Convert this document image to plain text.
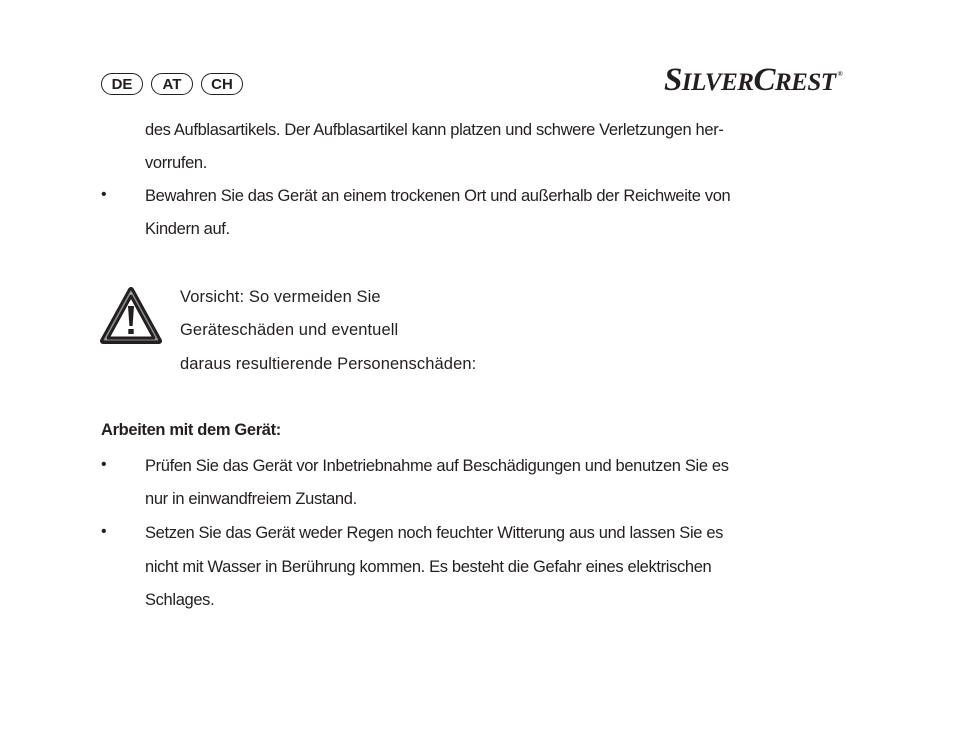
DE	AT	CH	SILVERCREST ®
des Aufblasartikels. Der Aufblasartikel kann platzen und schwere Verletzungen her-
vorrufen.
• Bewahren Sie das Gerät an einem trockenen Ort und außerhalb der Reichweite von
Kindern auf.
Vorsicht: So vermeiden Sie
Geräteschäden und eventuell
daraus resultierende Personenschäden:
Arbeiten mit dem Gerät:
• Prüfen Sie das Gerät vor Inbetriebnahme auf Beschädigungen und benutzen Sie es
nur in einwandfreiem Zustand.
• Setzen Sie das Gerät weder Regen noch feuchter Witterung aus und lassen Sie es
nicht mit Wasser in Berührung kommen. Es besteht die Gefahr eines elektrischen
Schlages.
